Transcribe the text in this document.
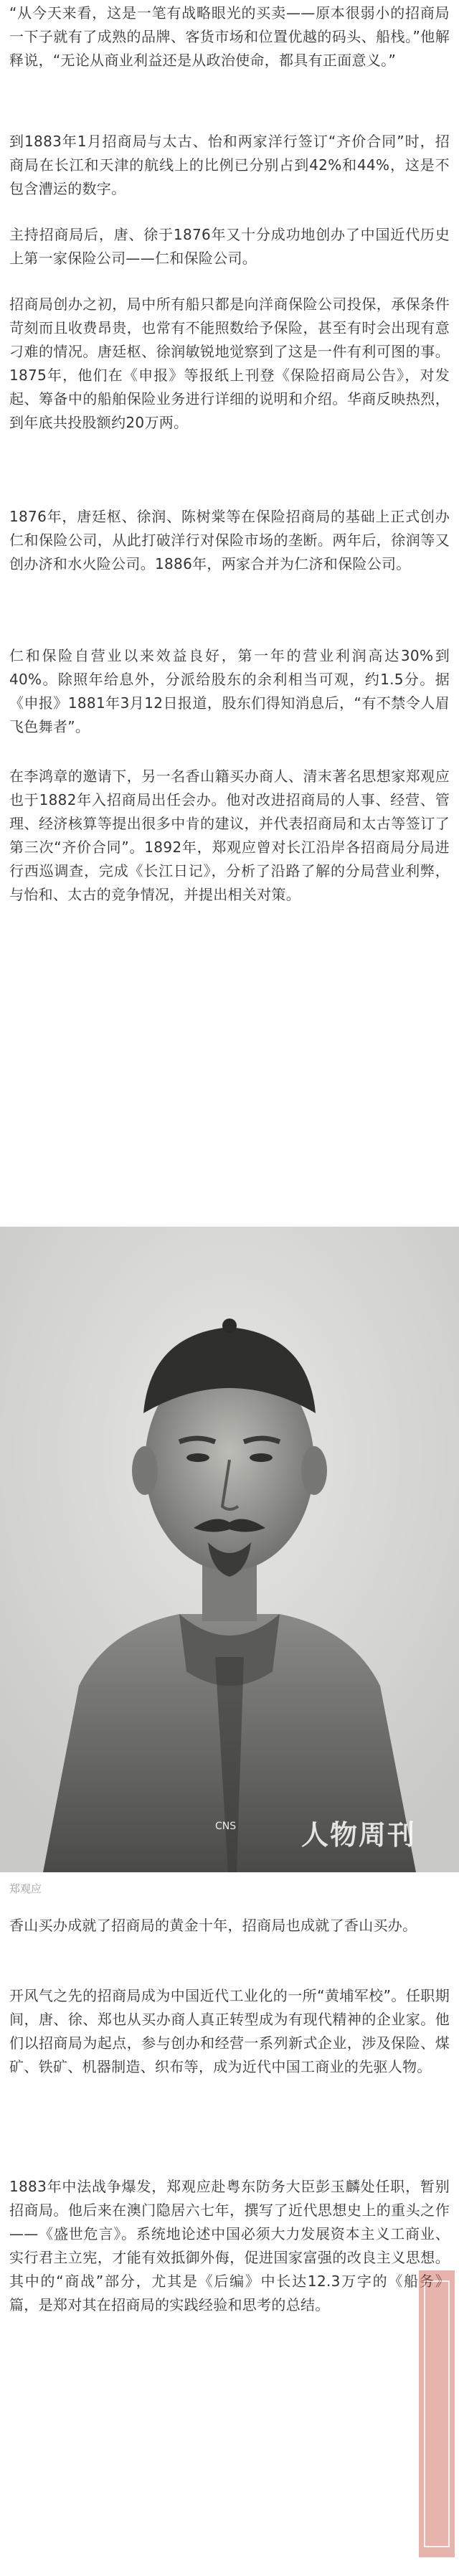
“从今天来看，这是一笔有战略眼光的买卖——原本很弱小的招商局一下子就有了成熟的品牌、客货市场和位置优越的码头、船栈。”他解释说，“无论从商业利益还是从政治使命，都具有正面意义。”

到1883年1月招商局与太古、怡和两家洋行签订“齐价合同”时，招商局在长江和天津的航线上的比例已分别占到42%和44%，这是不包含漕运的数字。

主持招商局后，唐、徐于1876年又十分成功地创办了中国近代历史上第一家保险公司——仁和保险公司。

招商局创办之初，局中所有船只都是向洋商保险公司投保，承保条件苛刻而且收费昂贵，也常有不能照数给予保险，甚至有时会出现有意刁难的情况。唐廷枢、徐润敏锐地觉察到了这是一件有利可图的事。1875年，他们在《申报》等报纸上刊登《保险招商局公告》，对发起、筹备中的船舶保险业务进行详细的说明和介绍。华商反映热烈，到年底共投股额约20万两。

1876年，唐廷枢、徐润、陈树棠等在保险招商局的基础上正式创办仁和保险公司，从此打破洋行对保险市场的垄断。两年后，徐润等又创办济和水火险公司。1886年，两家合并为仁济和保险公司。

仁和保险自营业以来效益良好，第一年的营业利润高达30%到40%。除照年给息外，分派给股东的余利相当可观，约1.5分。据《申报》1881年3月12日报道，股东们得知消息后，“有不禁令人眉飞色舞者”。

在李鸿章的邀请下，另一名香山籍买办商人、清末著名思想家郑观应也于1882年入招商局出任会办。他对改进招商局的人事、经营、管理、经济核算等提出很多中肯的建议，并代表招商局和太古等签订了第三次“齐价合同”。1892年，郑观应曾对长江沿岸各招商局分局进行西巡调查，完成《长江日记》，分析了沿路了解的分局营业利弊，与怡和、太古的竞争情况，并提出相关对策。

CNS 人物周刊

郑观应

香山买办成就了招商局的黄金十年，招商局也成就了香山买办。

开风气之先的招商局成为中国近代工业化的一所“黄埔军校”。任职期间，唐、徐、郑也从买办商人真正转型成为有现代精神的企业家。他们以招商局为起点，参与创办和经营一系列新式企业，涉及保险、煤矿、铁矿、机器制造、织布等，成为近代中国工商业的先驱人物。

1883年中法战争爆发，郑观应赴粤东防务大臣彭玉麟处任职，暂别招商局。他后来在澳门隐居六七年，撰写了近代思想史上的重头之作——《盛世危言》。系统地论述中国必须大力发展资本主义工商业、实行君主立宪，才能有效抵御外侮，促进国家富强的改良主义思想。其中的“商战”部分，尤其是《后编》中长达12.3万字的《船务》篇，是郑对其在招商局的实践经验和思考的总结。
